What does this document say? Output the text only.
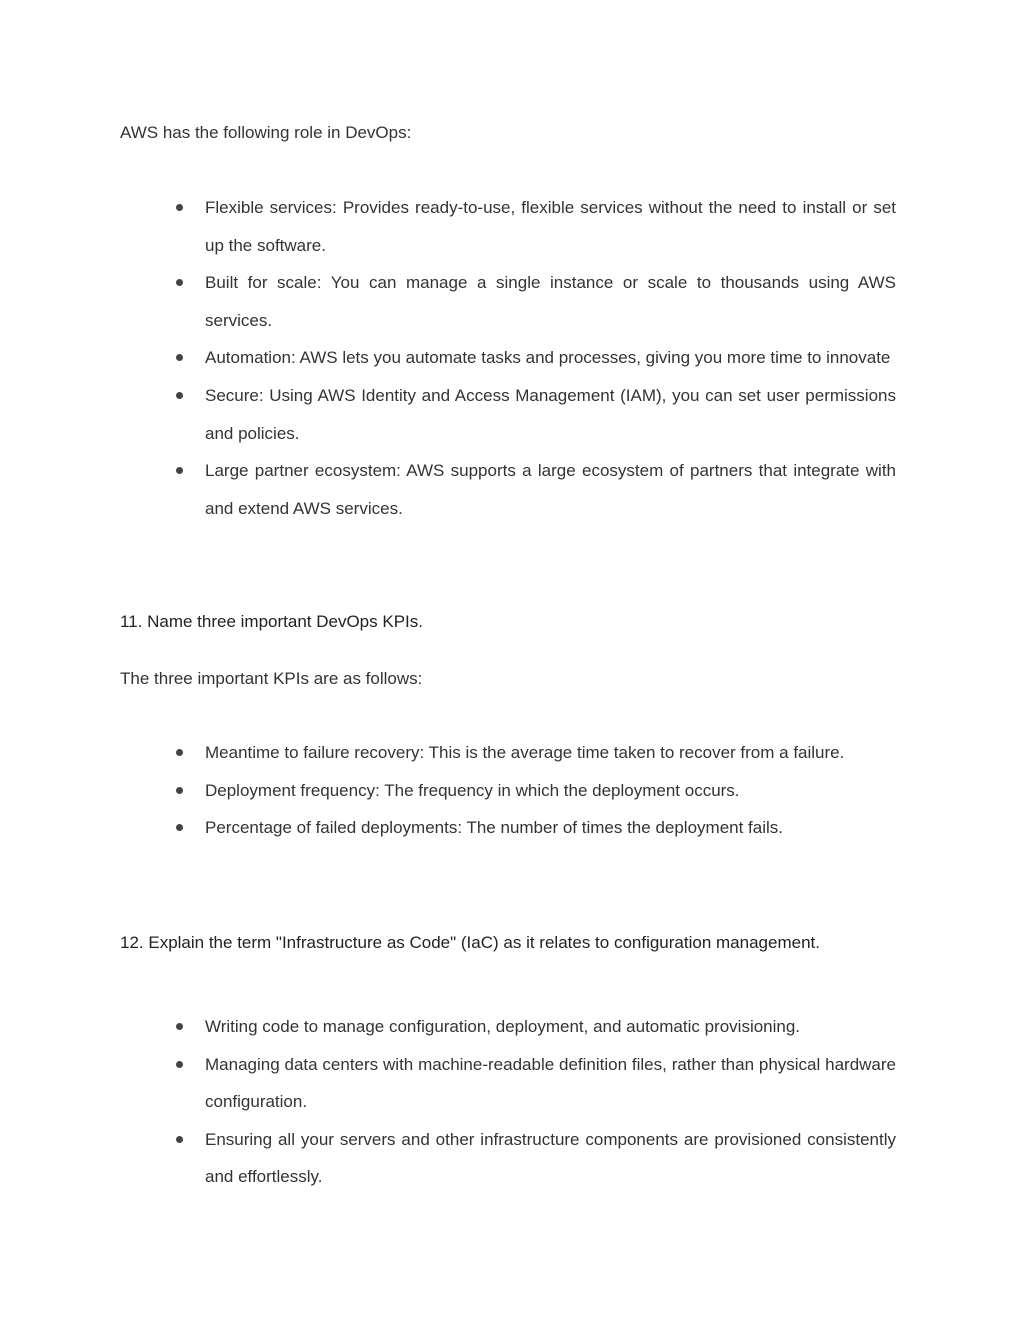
AWS has the following role in DevOps:

Flexible services: Provides ready-to-use, flexible services without the need to install or set up the software.
Built for scale: You can manage a single instance or scale to thousands using AWS services.
Automation: AWS lets you automate tasks and processes, giving you more time to innovate
Secure: Using AWS Identity and Access Management (IAM), you can set user permissions and policies.
Large partner ecosystem: AWS supports a large ecosystem of partners that integrate with and extend AWS services.
11. Name three important DevOps KPIs.

The three important KPIs are as follows:

Meantime to failure recovery: This is the average time taken to recover from a failure.
Deployment frequency: The frequency in which the deployment occurs.
Percentage of failed deployments: The number of times the deployment fails.
12. Explain the term "Infrastructure as Code" (IaC) as it relates to configuration management.
Writing code to manage configuration, deployment, and automatic provisioning.
Managing data centers with machine-readable definition files, rather than physical hardware configuration.
Ensuring all your servers and other infrastructure components are provisioned consistently and effortlessly.
